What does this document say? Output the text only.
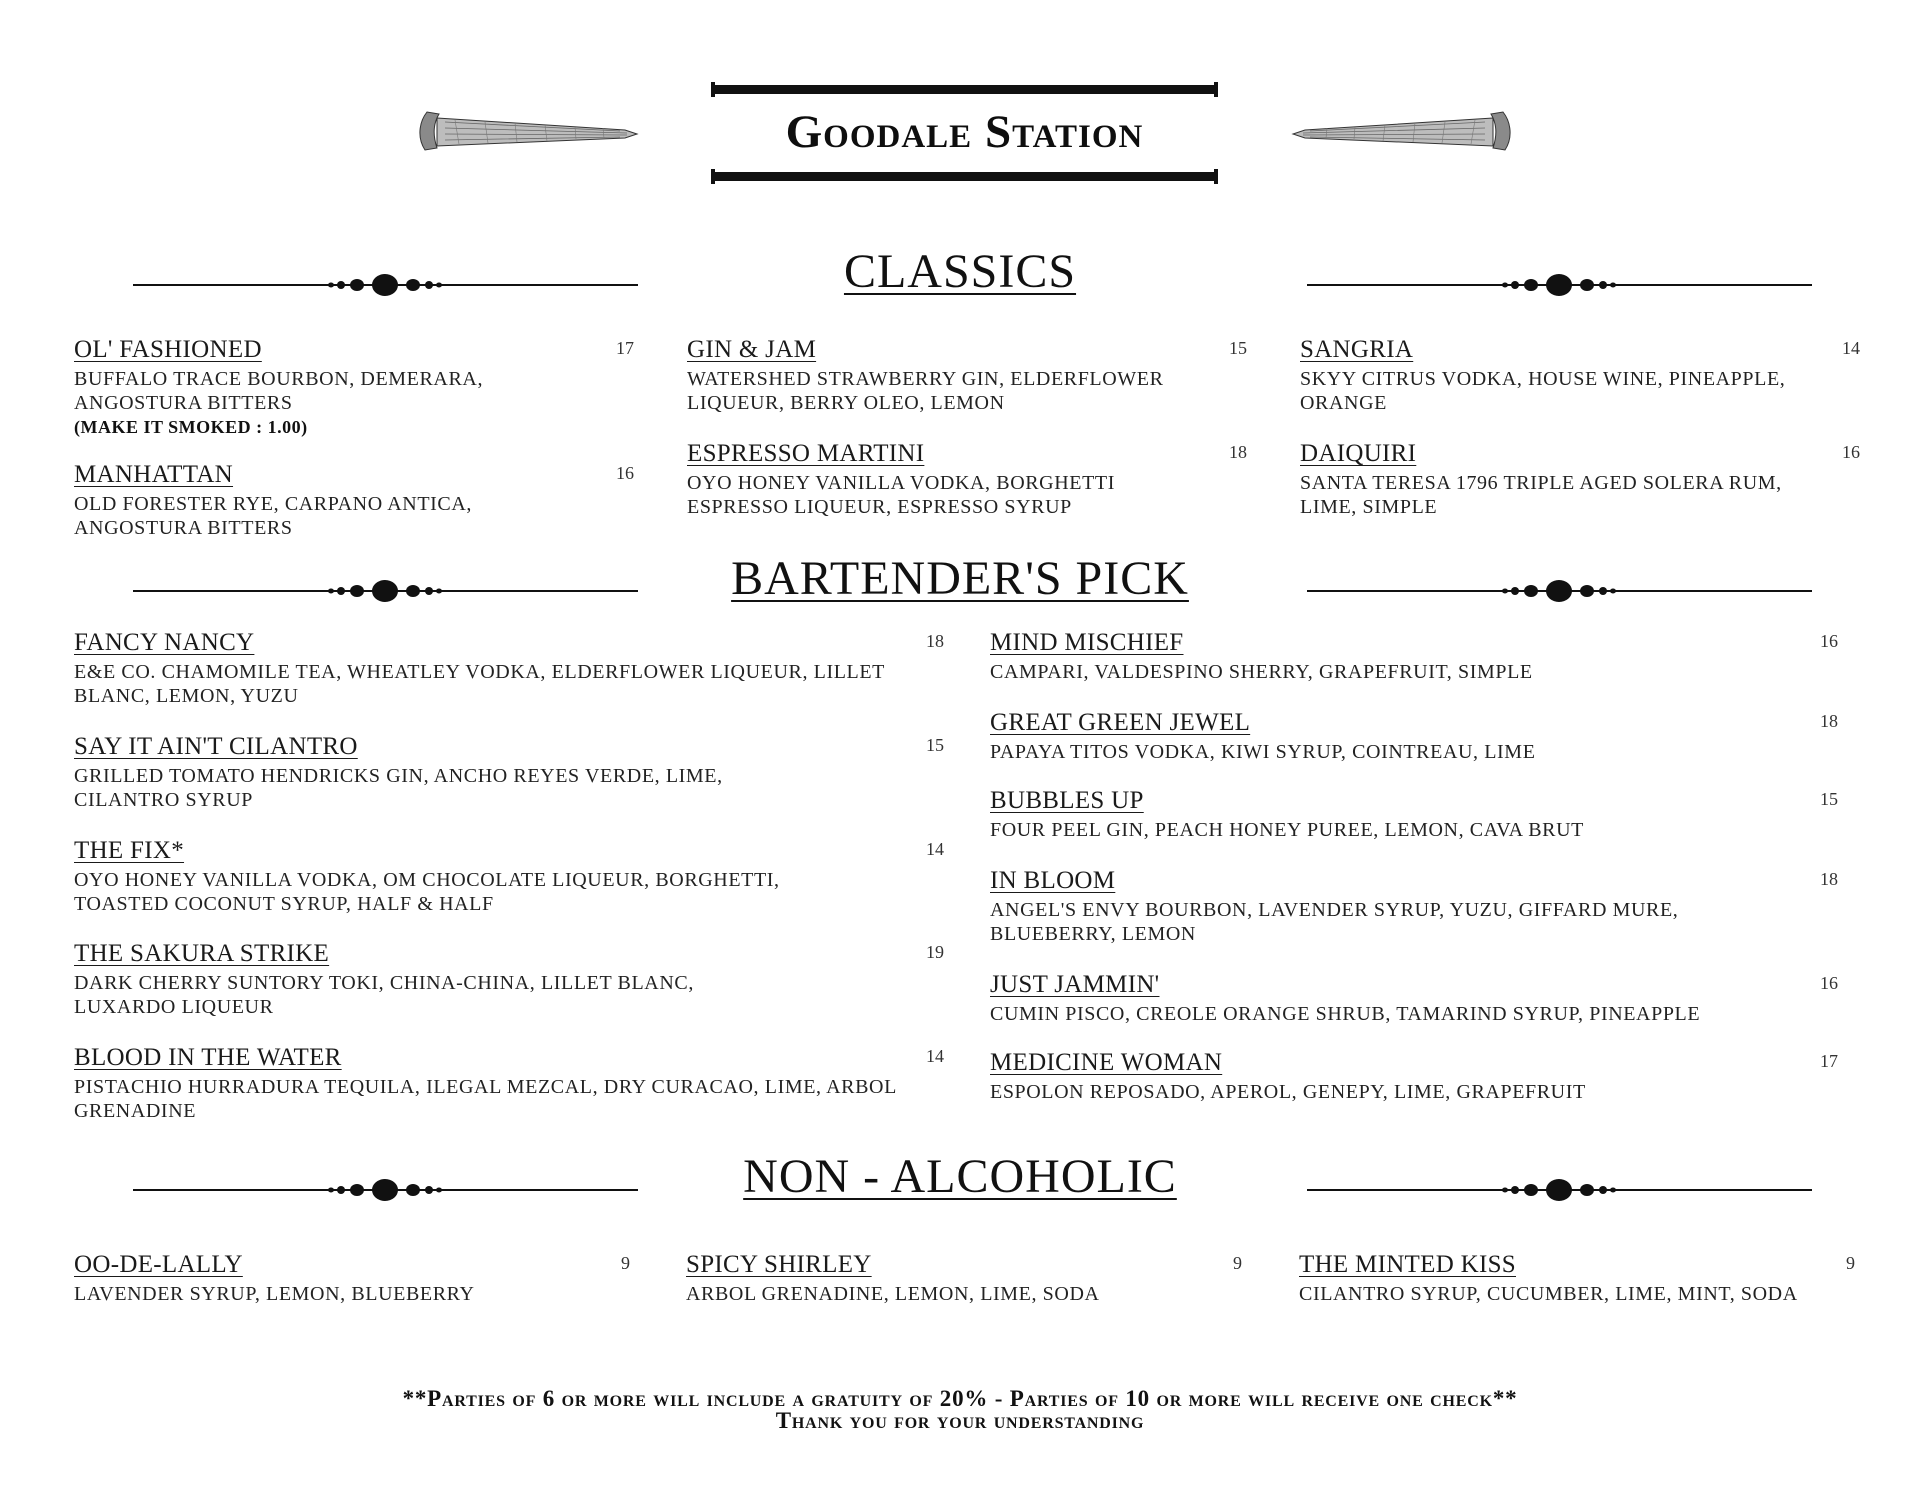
Goodale Station
CLASSICS
OL' FASHIONED	17
BUFFALO TRACE BOURBON, DEMERARA, ANGOSTURA BITTERS
(MAKE IT SMOKED : 1.00)
MANHATTAN	16
OLD FORESTER RYE, CARPANO ANTICA, ANGOSTURA BITTERS
GIN & JAM	15
WATERSHED STRAWBERRY GIN, ELDERFLOWER LIQUEUR, BERRY OLEO, LEMON
ESPRESSO MARTINI	18
OYO HONEY VANILLA VODKA, BORGHETTI ESPRESSO LIQUEUR, ESPRESSO SYRUP
SANGRIA	14
SKYY CITRUS VODKA, HOUSE WINE, PINEAPPLE, ORANGE
DAIQUIRI	16
SANTA TERESA 1796 TRIPLE AGED SOLERA RUM, LIME, SIMPLE
BARTENDER'S PICK
FANCY NANCY	18
E&E CO. CHAMOMILE TEA, WHEATLEY VODKA, ELDERFLOWER LIQUEUR, LILLET BLANC, LEMON, YUZU
SAY IT AIN'T CILANTRO	15
GRILLED TOMATO HENDRICKS GIN, ANCHO REYES VERDE, LIME, CILANTRO SYRUP
THE FIX*	14
OYO HONEY VANILLA VODKA, OM CHOCOLATE LIQUEUR, BORGHETTI, TOASTED COCONUT SYRUP, HALF & HALF
THE SAKURA STRIKE	19
DARK CHERRY SUNTORY TOKI, CHINA-CHINA, LILLET BLANC, LUXARDO LIQUEUR
BLOOD IN THE WATER	14
PISTACHIO HURRADURA TEQUILA, ILEGAL MEZCAL, DRY CURACAO, LIME, ARBOL GRENADINE
MIND MISCHIEF	16
CAMPARI, VALDESPINO SHERRY, GRAPEFRUIT, SIMPLE
GREAT GREEN JEWEL	18
PAPAYA TITOS VODKA, KIWI SYRUP, COINTREAU, LIME
BUBBLES UP	15
FOUR PEEL GIN, PEACH HONEY PUREE, LEMON, CAVA BRUT
IN BLOOM	18
ANGEL'S ENVY BOURBON, LAVENDER SYRUP, YUZU, GIFFARD MURE, BLUEBERRY, LEMON
JUST JAMMIN'	16
CUMIN PISCO, CREOLE ORANGE SHRUB, TAMARIND SYRUP, PINEAPPLE
MEDICINE WOMAN	17
ESPOLON REPOSADO, APEROL, GENEPY, LIME, GRAPEFRUIT
NON - ALCOHOLIC
OO-DE-LALLY	9
LAVENDER SYRUP, LEMON, BLUEBERRY
SPICY SHIRLEY	9
ARBOL GRENADINE, LEMON, LIME, SODA
THE MINTED KISS	9
CILANTRO SYRUP, CUCUMBER, LIME, MINT, SODA
**Parties of 6 or more will include a gratuity of 20% - Parties of 10 or more will receive one check**
Thank you for your understanding
